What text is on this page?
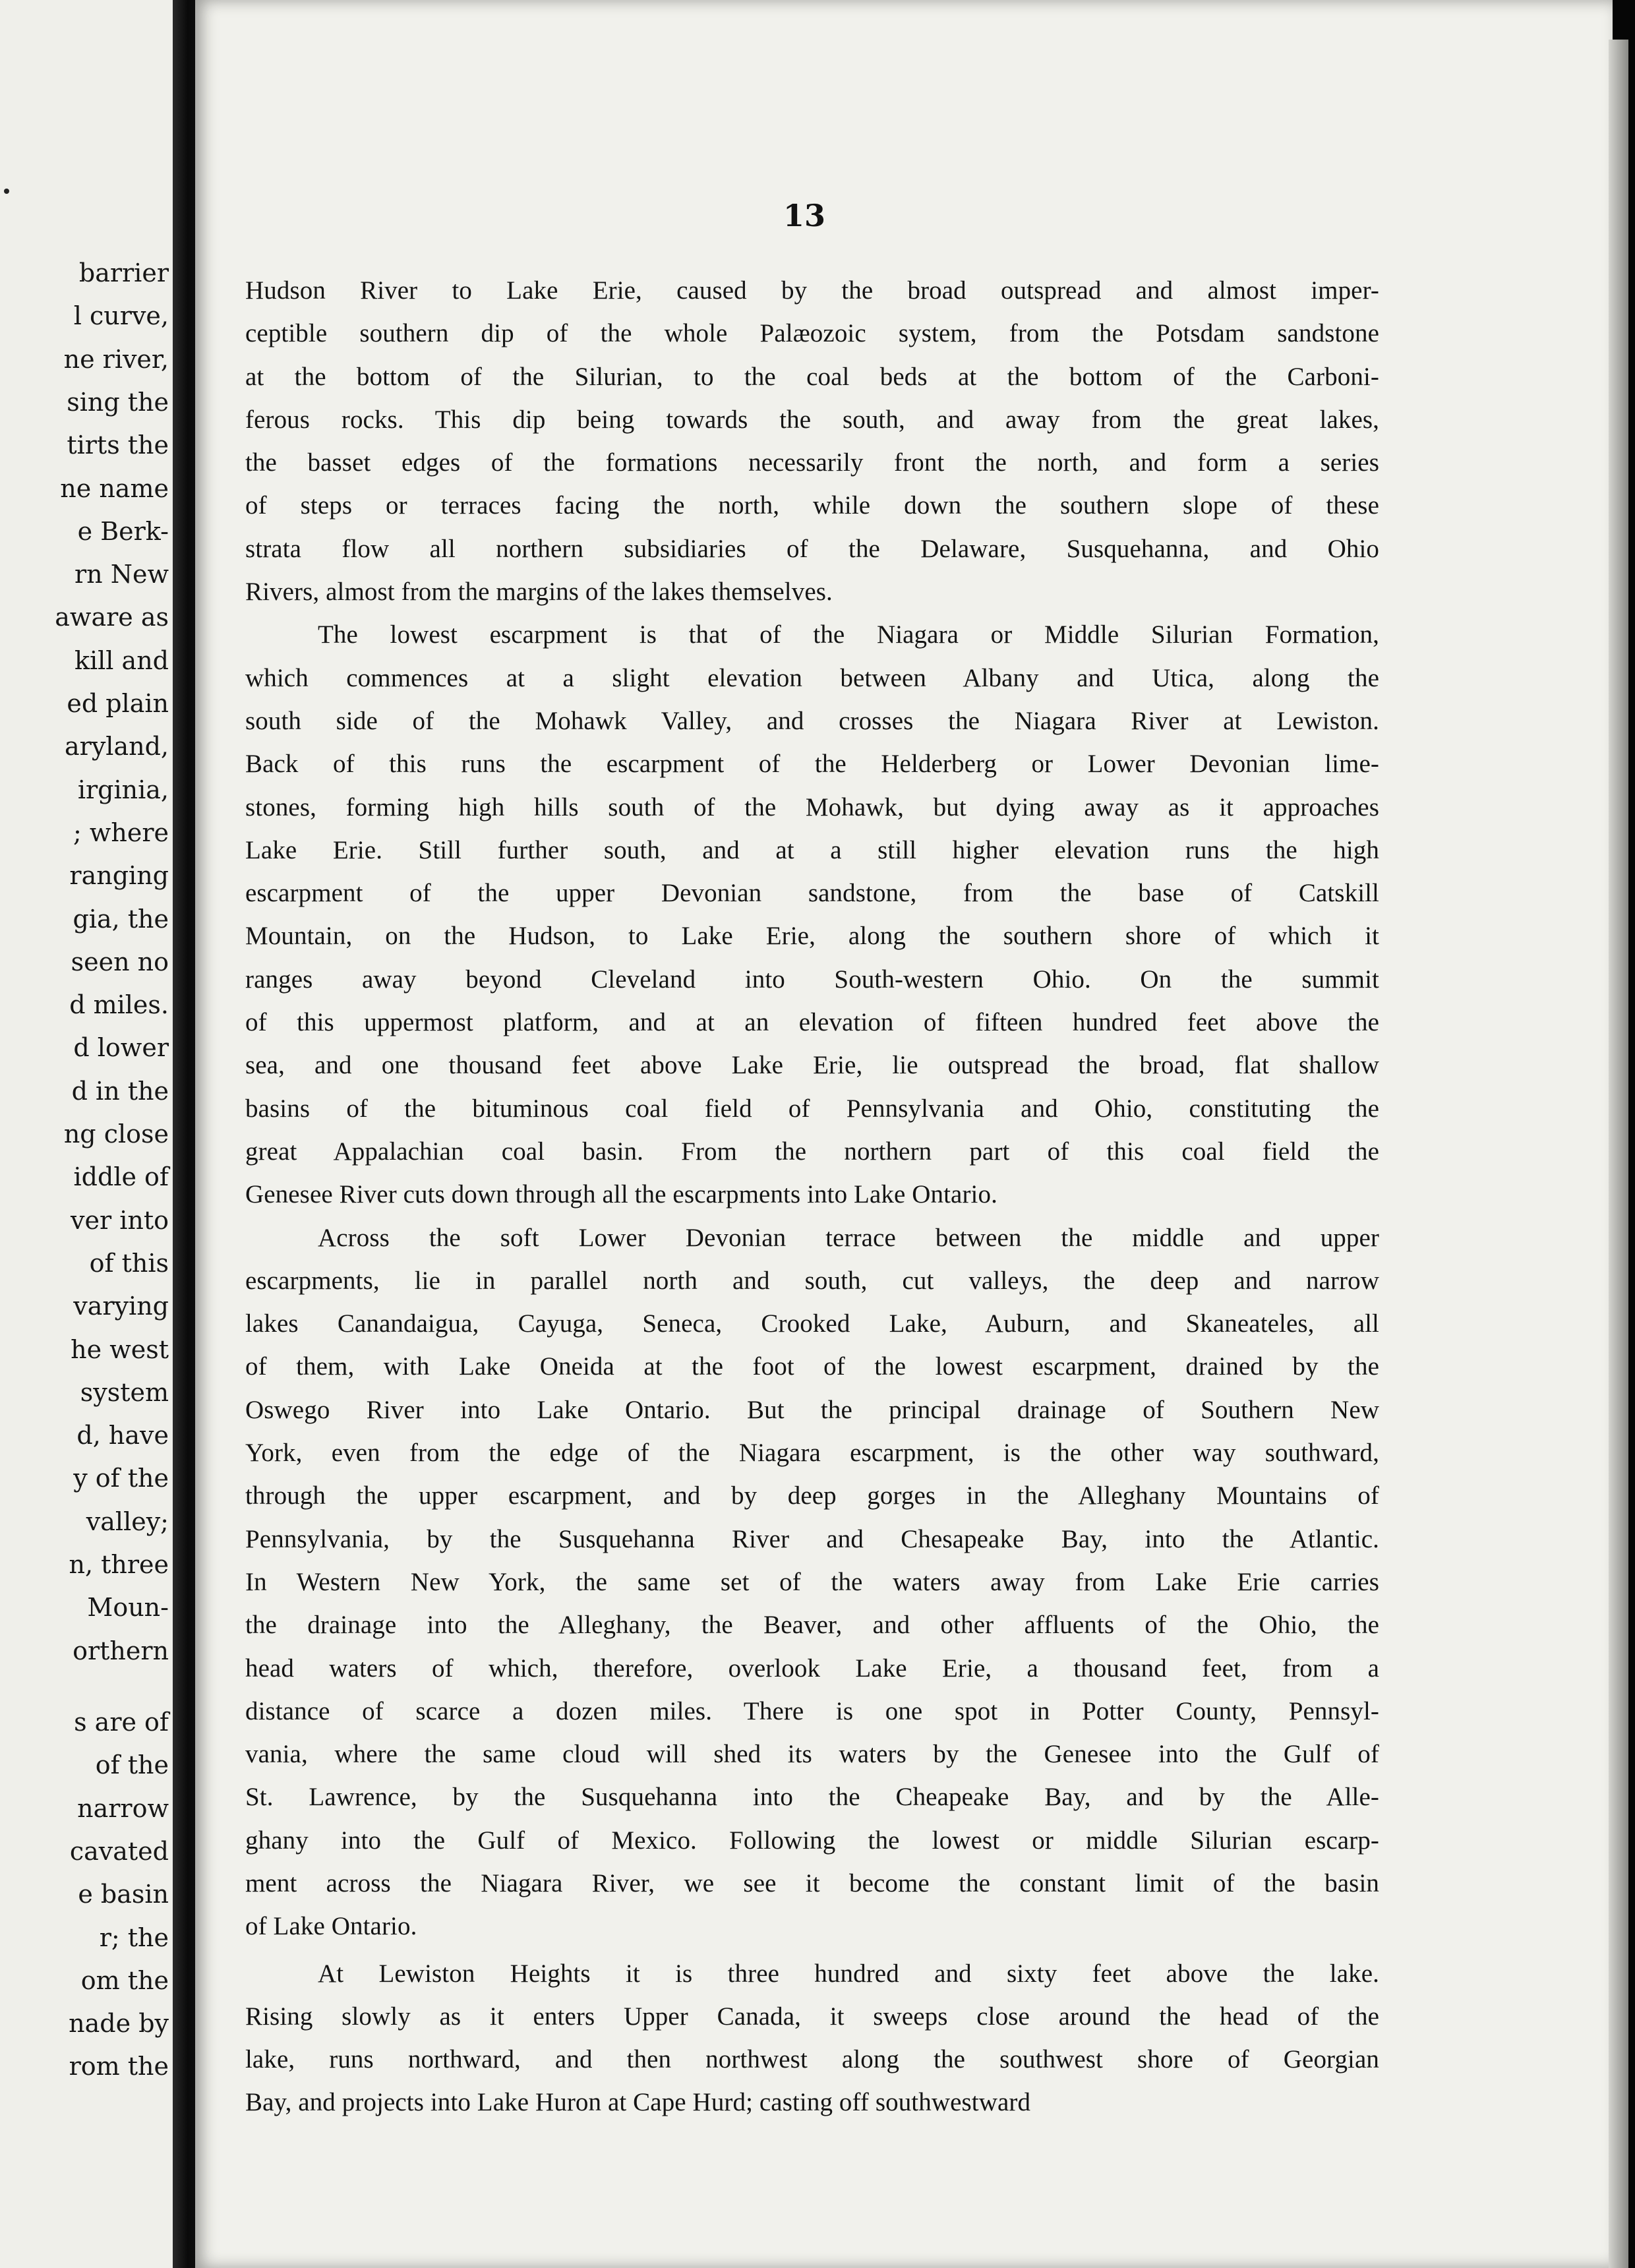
barrier
l curve,
ne river,
sing the
tirts the
ne name
e Berk-
rn New
aware as
kill and
ed plain
aryland,
irginia,
; where
ranging
gia, the
seen no
d miles.
d lower
d in the
ng close
iddle of
ver into
of this
varying
he west
system
d, have
y of the
valley;
n, three
Moun-
orthern
s are of
of the
narrow
cavated
e basin
r; the
om the
nade by
rom the
13
Hudson River to Lake Erie, caused by the broad outspread and almost imper-
ceptible southern dip of the whole Palæozoic system, from the Potsdam sandstone
at the bottom of the Silurian, to the coal beds at the bottom of the Carboni-
ferous rocks. This dip being towards the south, and away from the great lakes,
the basset edges of the formations necessarily front the north, and form a series
of steps or terraces facing the north, while down the southern slope of these
strata flow all northern subsidiaries of the Delaware, Susquehanna, and Ohio
Rivers, almost from the margins of the lakes themselves.
The lowest escarpment is that of the Niagara or Middle Silurian Formation,
which commences at a slight elevation between Albany and Utica, along the
south side of the Mohawk Valley, and crosses the Niagara River at Lewiston.
Back of this runs the escarpment of the Helderberg or Lower Devonian lime-
stones, forming high hills south of the Mohawk, but dying away as it approaches
Lake Erie. Still further south, and at a still higher elevation runs the high
escarpment of the upper Devonian sandstone, from the base of Catskill
Mountain, on the Hudson, to Lake Erie, along the southern shore of which it
ranges away beyond Cleveland into South-western Ohio. On the summit
of this uppermost platform, and at an elevation of fifteen hundred feet above the
sea, and one thousand feet above Lake Erie, lie outspread the broad, flat shallow
basins of the bituminous coal field of Pennsylvania and Ohio, constituting the
great Appalachian coal basin. From the northern part of this coal field the
Genesee River cuts down through all the escarpments into Lake Ontario.
Across the soft Lower Devonian terrace between the middle and upper
escarpments, lie in parallel north and south, cut valleys, the deep and narrow
lakes Canandaigua, Cayuga, Seneca, Crooked Lake, Auburn, and Skaneateles, all
of them, with Lake Oneida at the foot of the lowest escarpment, drained by the
Oswego River into Lake Ontario. But the principal drainage of Southern New
York, even from the edge of the Niagara escarpment, is the other way southward,
through the upper escarpment, and by deep gorges in the Alleghany Mountains of
Pennsylvania, by the Susquehanna River and Chesapeake Bay, into the Atlantic.
In Western New York, the same set of the waters away from Lake Erie carries
the drainage into the Alleghany, the Beaver, and other affluents of the Ohio, the
head waters of which, therefore, overlook Lake Erie, a thousand feet, from a
distance of scarce a dozen miles. There is one spot in Potter County, Pennsyl-
vania, where the same cloud will shed its waters by the Genesee into the Gulf of
St. Lawrence, by the Susquehanna into the Cheapeake Bay, and by the Alle-
ghany into the Gulf of Mexico. Following the lowest or middle Silurian escarp-
ment across the Niagara River, we see it become the constant limit of the basin
of Lake Ontario.
At Lewiston Heights it is three hundred and sixty feet above the lake.
Rising slowly as it enters Upper Canada, it sweeps close around the head of the
lake, runs northward, and then northwest along the southwest shore of Georgian
Bay, and projects into Lake Huron at Cape Hurd; casting off southwestward
